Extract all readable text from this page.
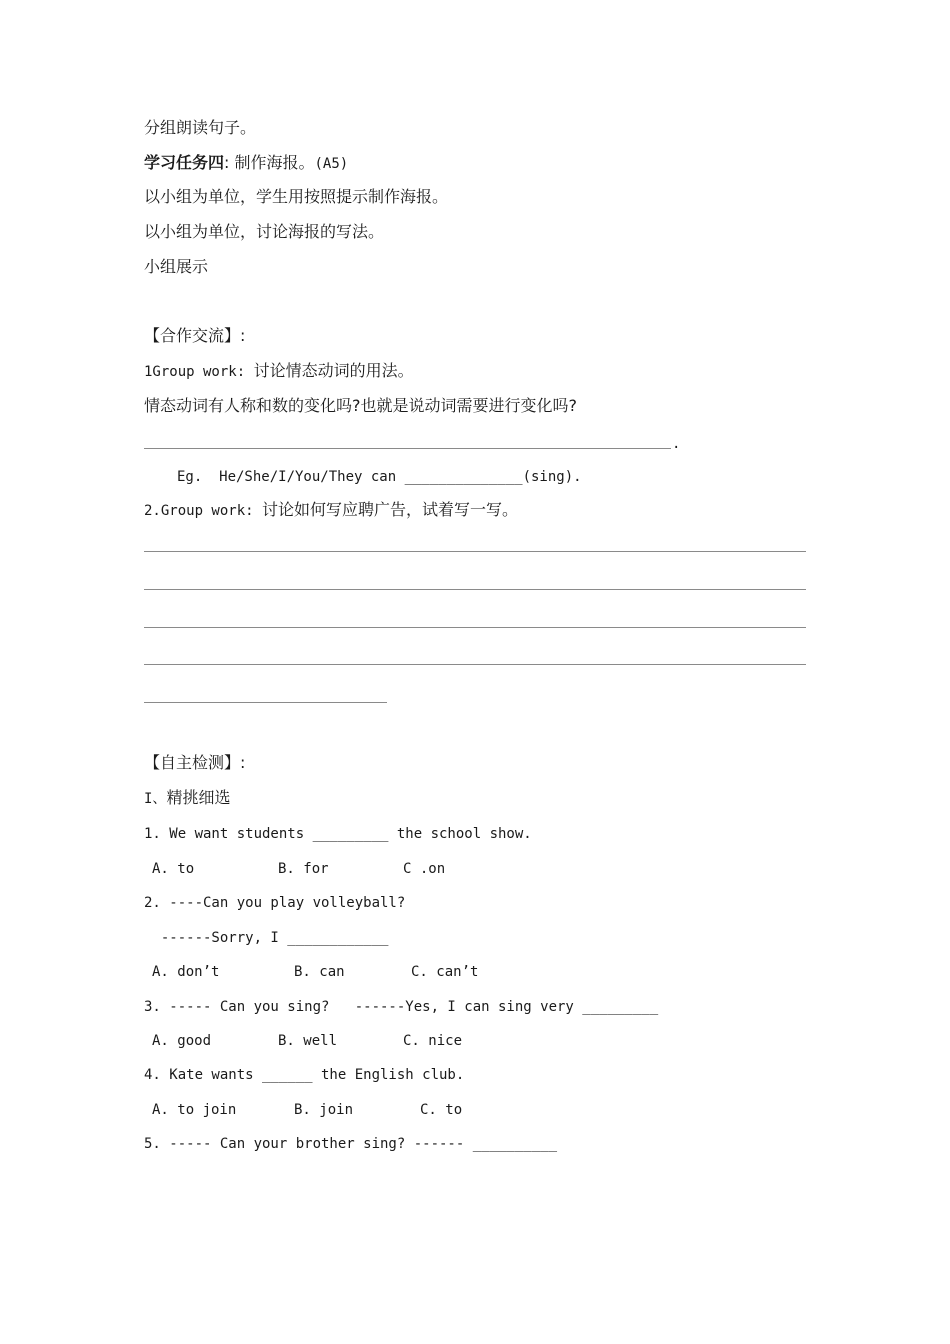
分组朗读句子。
学习任务四: 制作海报。(A5)
以小组为单位，学生用按照提示制作海报。
以小组为单位，讨论海报的写法。
小组展示
【合作交流】:
1Group work: 讨论情态动词的用法。
情态动词有人称和数的变化吗?也就是说动词需要进行变化吗?
.
Eg.  He/She/I/You/They can ______________(sing).
2.Group work: 讨论如何写应聘广告，试着写一写。
【自主检测】:
I、精挑细选
1. We want students _________ the school show.
A. to	B. for	C .on
2. ----Can you play volleyball?
------Sorry, I ____________
A. don’t	B. can	C. can’t
3. ----- Can you sing?   ------Yes, I can sing very _________
A. good	B. well	C. nice
4. Kate wants ______ the English club.
A. to join	B. join	C. to
5. ----- Can your brother sing? ------ __________
